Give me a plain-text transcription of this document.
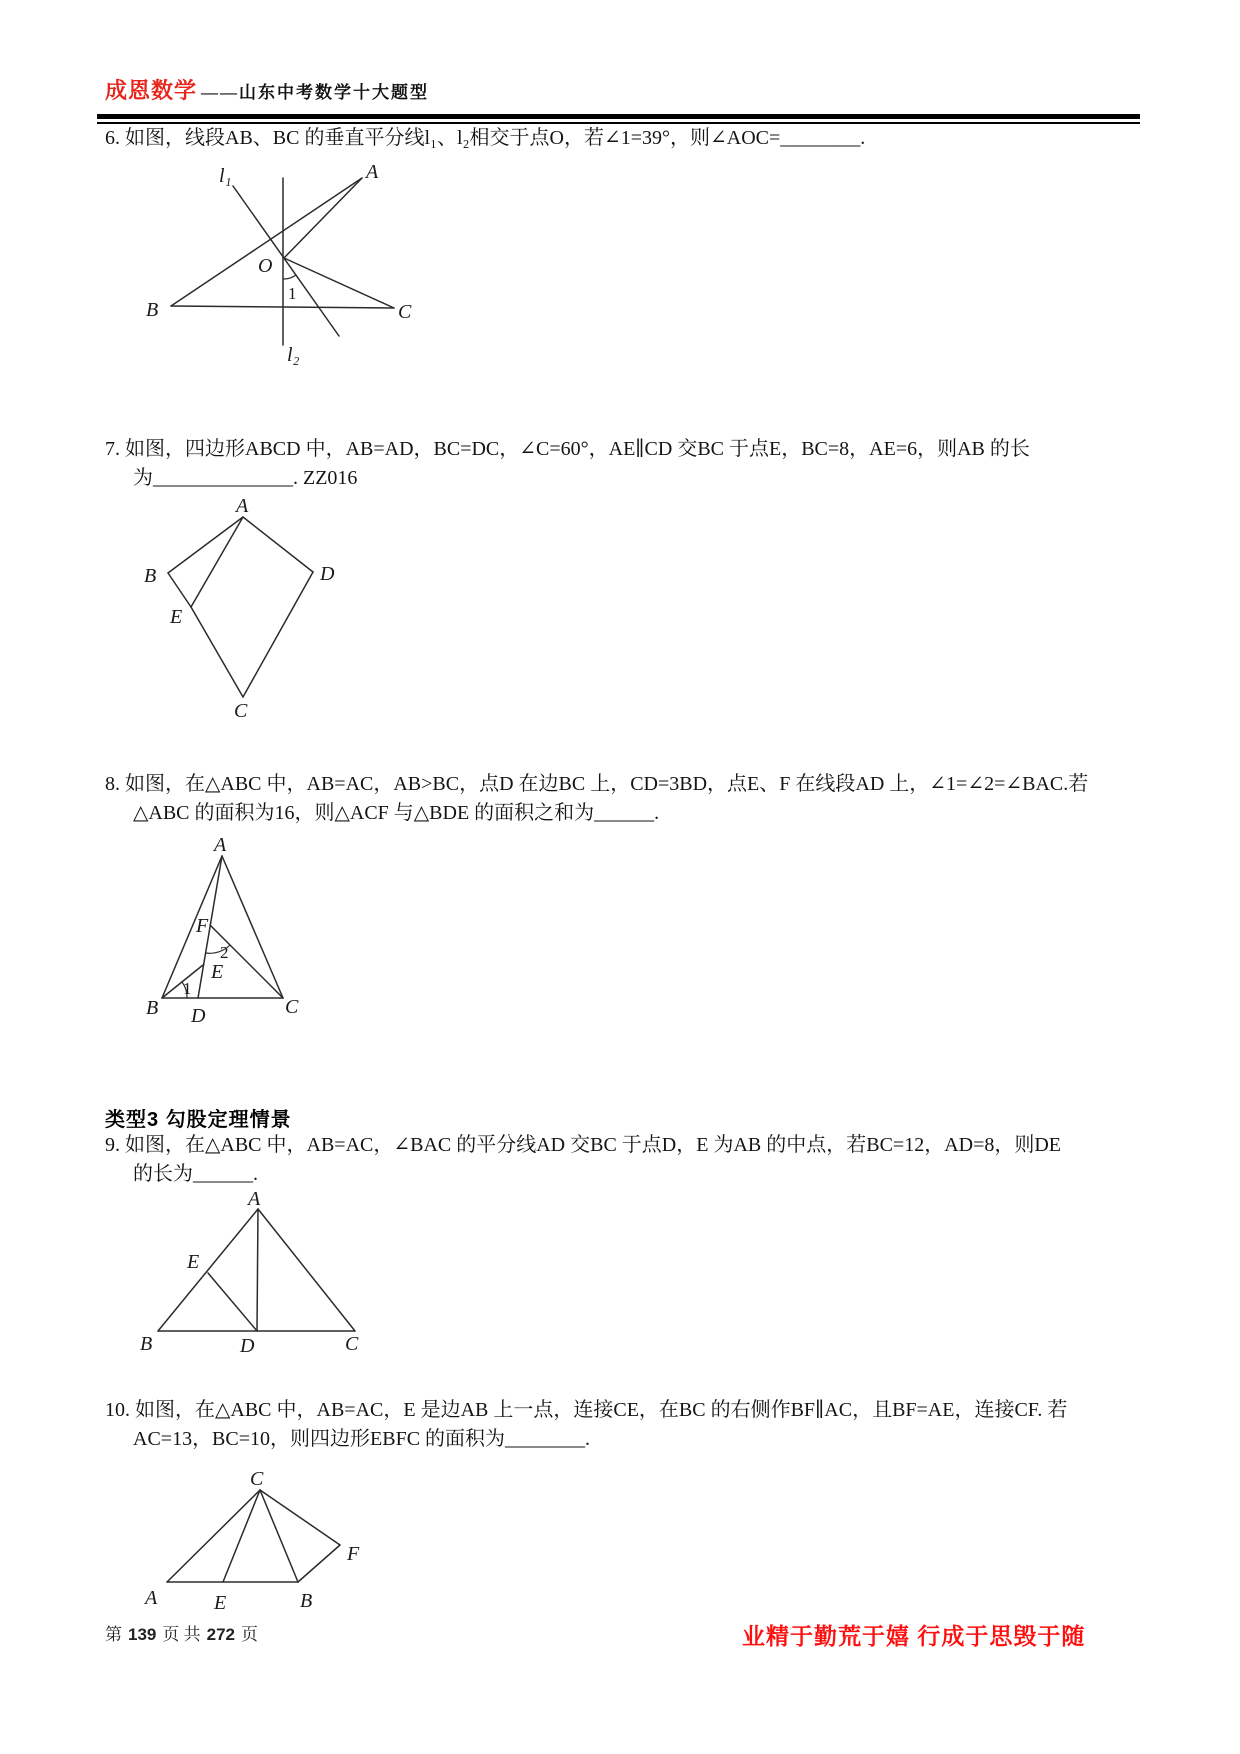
成恩数学 ——山东中考数学十大题型
6. 如图，线段AB、BC 的垂直平分线l₁、l₂相交于点O，若∠1=39°，则∠AOC=________.
l₁	A
O
1
B	C
l₂
7. 如图，四边形ABCD 中，AB=AD，BC=DC，∠C=60°，AE∥CD 交BC 于点E，BC=8，AE=6，则AB 的长
为______________. ZZ016
A
B	D
E
C
8. 如图，在△ABC 中，AB=AC，AB>BC，点D 在边BC 上，CD=3BD，点E、F 在线段AD 上，∠1=∠2=∠BAC.若
△ABC 的面积为16，则△ACF 与△BDE 的面积之和为______.
A
F
2
E
1
B D	C
类型3 勾股定理情景
9. 如图，在△ABC 中，AB=AC，∠BAC 的平分线AD 交BC 于点D，E 为AB 的中点，若BC=12，AD=8，则DE
的长为______.
A
E
B	D	C
10. 如图，在△ABC 中，AB=AC，E 是边AB 上一点，连接CE，在BC 的右侧作BF∥AC，且BF=AE，连接CF. 若
AC=13，BC=10，则四边形EBFC 的面积为________.
C
F
A	E	B
第 139 页 共 272 页	业精于勤荒于嬉 行成于思毁于随
